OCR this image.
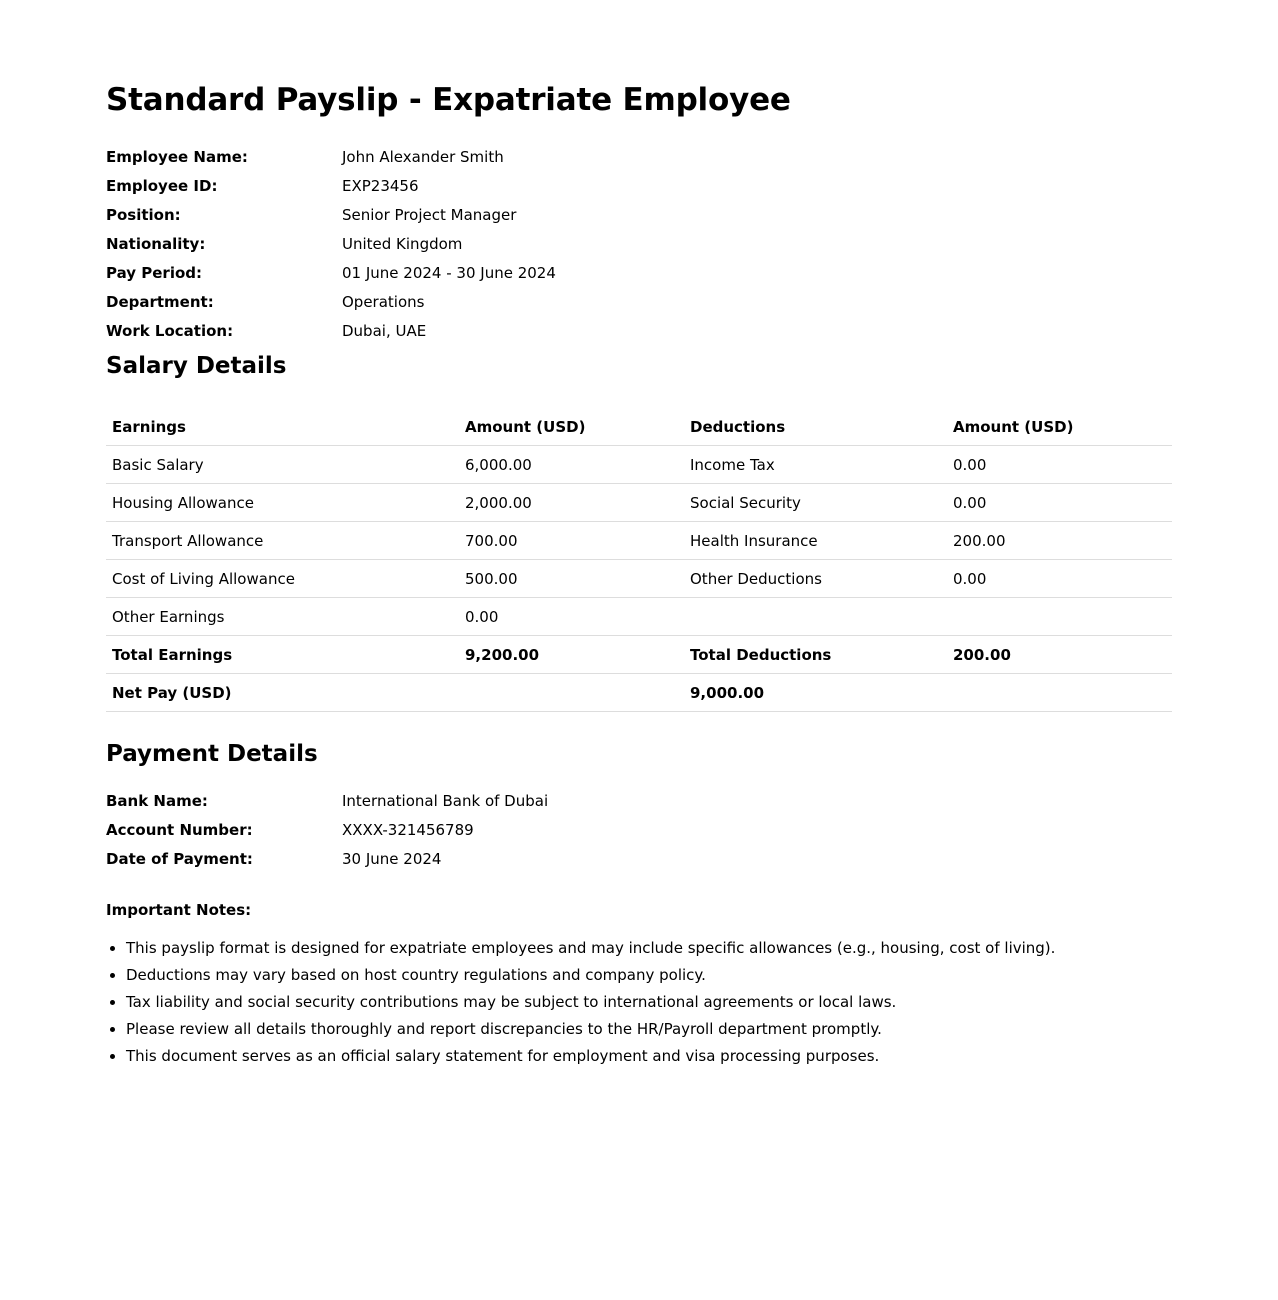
Standard Payslip - Expatriate Employee
Employee Name:	John Alexander Smith
Employee ID:	EXP23456
Position:	Senior Project Manager
Nationality:	United Kingdom
Pay Period:	01 June 2024 - 30 June 2024
Department:	Operations
Work Location:	Dubai, UAE
Salary Details
Earnings	Amount (USD)	Deductions	Amount (USD)
Basic Salary	6,000.00	Income Tax	0.00
Housing Allowance	2,000.00	Social Security	0.00
Transport Allowance	700.00	Health Insurance	200.00
Cost of Living Allowance	500.00	Other Deductions	0.00
Other Earnings	0.00		
Total Earnings	9,200.00	Total Deductions	200.00
Net Pay (USD)		9,000.00	
Payment Details
Bank Name:	International Bank of Dubai
Account Number:	XXXX-321456789
Date of Payment:	30 June 2024
Important Notes:
• This payslip format is designed for expatriate employees and may include specific allowances (e.g., housing, cost of living).
• Deductions may vary based on host country regulations and company policy.
• Tax liability and social security contributions may be subject to international agreements or local laws.
• Please review all details thoroughly and report discrepancies to the HR/Payroll department promptly.
• This document serves as an official salary statement for employment and visa processing purposes.
